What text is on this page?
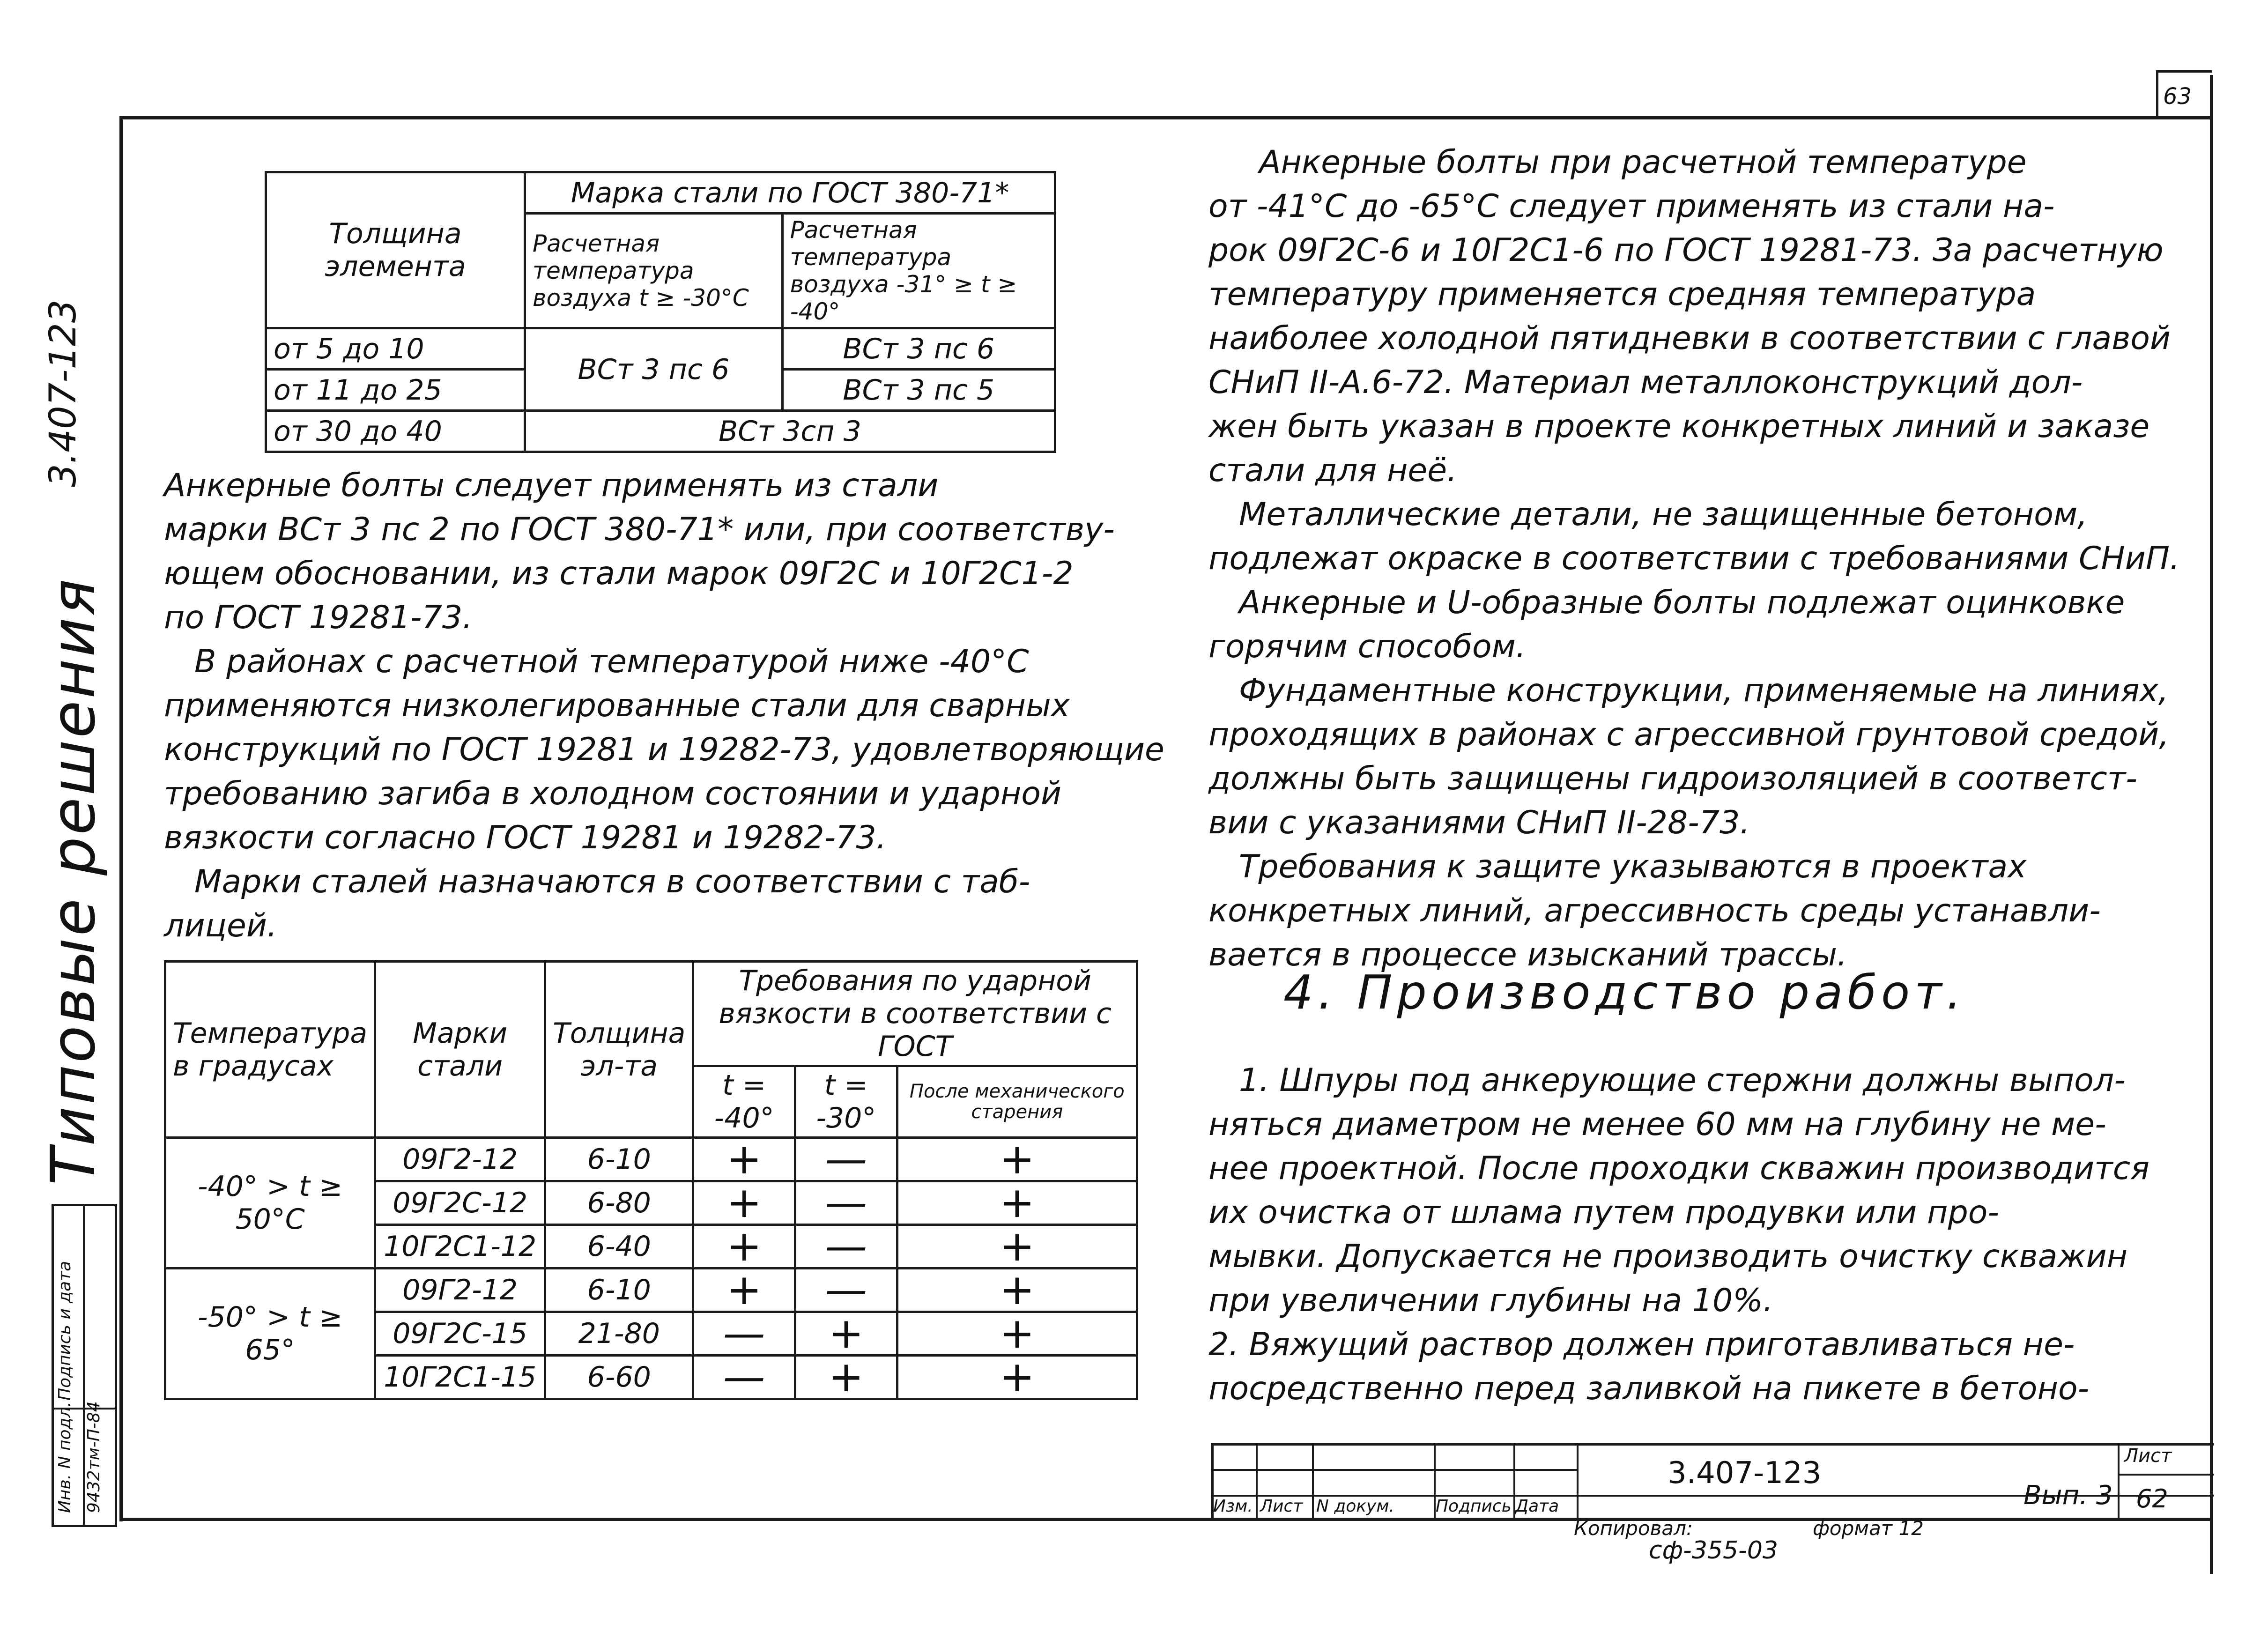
63
3.407-123
Типовые решения
Инв. N подл.
Подпись и дата
9432тм-П-84
Толщина элемента	Марка стали по ГОСТ 380-71*	
	Расчетная температура воздуха t ≥ -30°С	Расчетная температура воздуха -31° ≥ t ≥ -40°
от 5 до 10	ВСт 3 пс 6	ВСт 3 пс 6
от 11 до 25		ВСт 3 пс 5
от 30 до 40	ВСт 3сп 3	
Анкерные болты следует применять из стали
марки ВСт 3 пс 2 по ГОСТ 380-71* или, при соответству-
ющем обосновании, из стали марок 09Г2С и 10Г2С1-2
по ГОСТ 19281-73.
В районах с расчетной температурой ниже -40°С
применяются низколегированные стали для сварных
конструкций по ГОСТ 19281 и 19282-73, удовлетворяющие
требованию загиба в холодном состоянии и ударной
вязкости согласно ГОСТ 19281 и 19282-73.
Марки сталей назначаются в соответствии с таб-
лицей.
Температура в градусах	Марки стали	Толщина эл-та	Требования по ударной вязкости в соответствии с ГОСТ		
			t = -40°	t = -30°	После механического старения
-40° > t ≥ 50°С	09Г2-12	6-10	+	—	+
	09Г2С-12	6-80	+	—	+
	10Г2С1-12	6-40	+	—	+
-50° > t ≥ 65°	09Г2-12	6-10	+	—	+
	09Г2С-15	21-80	—	+	+
	10Г2С1-15	6-60	—	+	+
Анкерные болты при расчетной температуре
от -41°С до -65°С следует применять из стали на-
рок 09Г2С-6 и 10Г2С1-6 по ГОСТ 19281-73. За расчетную
температуру применяется средняя температура
наиболее холодной пятидневки в соответствии с главой
СНиП II-А.6-72. Материал металлоконструкций дол-
жен быть указан в проекте конкретных линий и заказе
стали для неё.
Металлические детали, не защищенные бетоном,
подлежат окраске в соответствии с требованиями СНиП.
Анкерные и U-образные болты подлежат оцинковке
горячим способом.
Фундаментные конструкции, применяемые на линиях,
проходящих в районах с агрессивной грунтовой средой,
должны быть защищены гидроизоляцией в соответст-
вии с указаниями СНиП II-28-73.
Требования к защите указываются в проектах
конкретных линий, агрессивность среды устанавли-
вается в процессе изысканий трассы.
4. Производство работ.
1. Шпуры под анкерующие стержни должны выпол-
няться диаметром не менее 60 мм на глубину не ме-
нее проектной. После проходки скважин производится
их очистка от шлама путем продувки или про-
мывки. Допускается не производить очистку скважин
при увеличении глубины на 10%.
2. Вяжущий раствор должен приготавливаться не-
посредственно перед заливкой на пикете в бетоно-
Изм. Лист N докум. Подпись Дата
3.407-123
Вып. 3
Лист
62
Копировал:	формат 12
сф-355-03
